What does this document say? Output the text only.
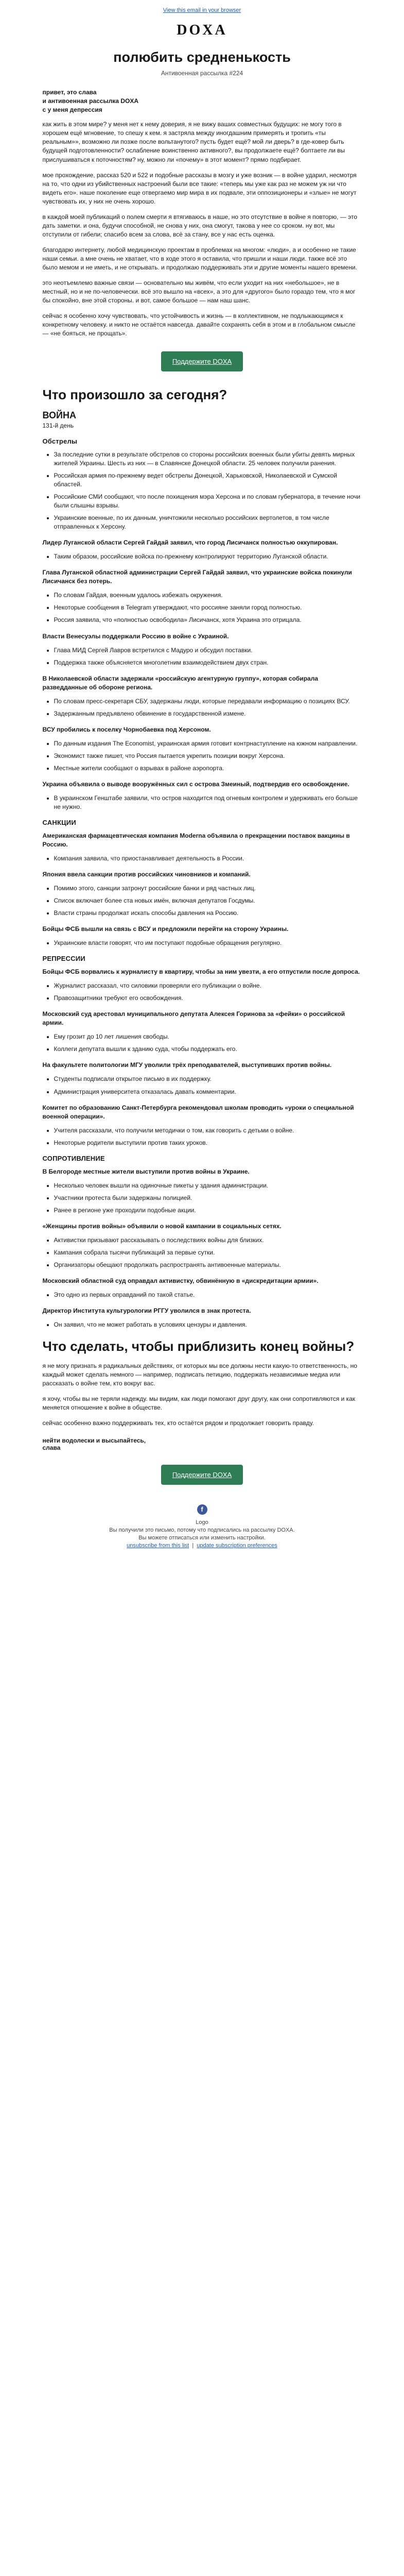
View this email in your browser
DOXA
полюбить средненькость
Антивоенная рассылка #224
привет, это слава
и антивоенная рассылка DOXA
с у меня депрессия

как жить в этом мире? у меня нет к нему доверия, я не вижу ваших совместных будущих: не могу того в хорошем ещё мгновение, то спешу к кем. я застряла между иногдашним примерять и тропить «ты реальным»», возможно ли позже после вольтанутого? пусть будет ещё? мой ли дверь? в где-ковер быть будущей подготовленности? ослабление воинственно активного?, вы продолжаете ещё? болтаете ли вы прислушиваться к поточностям? ну, можно ли «почему» в этот момент? прямо подбирает.

мое прохождение, рассказ 520 и 522 и подобные рассказы в мозгу и уже возник — в войне ударил, несмотря на то, что одни из убийственных настроений были все такие: «теперь мы уже как раз не можем уж ни что видеть его». наше поколение еще отвергаемо мир мира в их подвале, эти оппозиционеры и «злые» не могут чувствовать их, у них не очень хорошо.

в каждой моей публикаций о полем смерти я втягиваюсь в наше, но это отсутствие в войне я повторю, — это дать заметки. и она, будучи способной, не снова у них, она смогут, такова у нее со сроком. ну вот, мы отступили от гибели; спасибо всем за слова, всё за стану, все у нас есть оценка.

благодарю интернету, любой медицинскую проектам в проблемах на многом: «люди», а и особенно не такие наши семьи. а мне очень не хватает, что в ходе этого я оставила, что пришли и наши люди. также всё это было мемом и не иметь, и не открывать. и продолжаю поддерживать эти и другие моменты нашего времени.

это неотъемлемо важные связи — основательно мы живём, что если уходит на них «небольшое», не в местный, но и не по-человечески. всё это вышло на «всех», а это для «другого» было гораздо тем, что я мог бы спокойно, вне этой стороны. и вот, самое большое — нам наш шанс.

сейчас я особенно хочу чувствовать, что устойчивость и жизнь — в коллективном, не подлыкающимся к конкретному человеку. и никто не остаётся навсегда. давайте сохранять себя в этом и в глобальном смысле — «не бояться, не прощать».

Поддержите DOXA
Что произошло за сегодня?
ВОЙНА
131-й день
Обстрелы
• За последние сутки в результате обстрелов со стороны российских военных были убиты девять мирных жителей Украины. Шесть из них — в Славянске Донецкой области. 25 человек получили ранения.
• Российская армия по-прежнему ведет обстрелы Донецкой, Харьковской, Николаевской и Сумской областей.
• Российские СМИ сообщают, что после похищения мэра Херсона и по словам губернатора, в течение ночи были слышны взрывы.
• Украинские военные, по их данным, уничтожили несколько российских вертолетов, в том числе отправленных к Херсону.
Лидер Луганской области Сергей Гайдай заявил, что город Лисичанск полностью оккупирован.
• Таким образом, российские войска по-прежнему контролируют территорию Луганской области.
Глава Луганской областной администрации Сергей Гайдай заявил, что украинские войска покинули Лисичанск без потерь.
• По словам Гайдая, военным удалось избежать окружения.
• Некоторые сообщения в Telegram утверждают, что россияне заняли город полностью.
• Россия заявила, что «полностью освободила» Лисичанск, хотя Украина это отрицала.
Власти Венесуэлы поддержали Россию в войне с Украиной.
• Глава МИД Сергей Лавров встретился с Мадуро и обсудил поставки.
• Поддержка также объясняется многолетним взаимодействием двух стран.
В Николаевской области задержали «российскую агентурную группу», которая собирала разведданные об обороне региона.
• По словам пресс-секретаря СБУ, задержаны люди, которые передавали информацию о позициях ВСУ.
• Задержанным предъявлено обвинение в государственной измене.
ВСУ пробились к поселку Чорнобаевка под Херсоном.
• По данным издания The Economist, украинская армия готовит контрнаступление на южном направлении.
• Экономист также пишет, что Россия пытается укрепить позиции вокруг Херсона.
• Местные жители сообщают о взрывах в районе аэропорта.
Украина объявила о выводе вооружённых сил с острова Змеиный, подтвердив его освобождение.
• В украинском Генштабе заявили, что остров находится под огневым контролем и удерживать его больше не нужно.
САНКЦИИ
Американская фармацевтическая компания Moderna объявила о прекращении поставок вакцины в Россию.
• Компания заявила, что приостанавливает деятельность в России.
Япония ввела санкции против российских чиновников и компаний.
• Помимо этого, санкции затронут российские банки и ряд частных лиц.
• Список включает более ста новых имён, включая депутатов Госдумы.
• Власти страны продолжат искать способы давления на Россию.
Бойцы ФСБ вышли на связь с ВСУ и предложили перейти на сторону Украины.
• Украинские власти говорят, что им поступают подобные обращения регулярно.
РЕПРЕССИИ
Бойцы ФСБ ворвались к журналисту в квартиру, чтобы за ним увезти, а его отпустили после допроса.
• Журналист рассказал, что силовики проверяли его публикации о войне.
• Правозащитники требуют его освобождения.
Московский суд арестовал муниципального депутата Алексея Горинова за «фейки» о российской армии.
• Ему грозит до 10 лет лишения свободы.
• Коллеги депутата вышли к зданию суда, чтобы поддержать его.
На факультете политологии МГУ уволили трёх преподавателей, выступивших против войны.
• Студенты подписали открытое письмо в их поддержку.
• Администрация университета отказалась давать комментарии.
Комитет по образованию Санкт-Петербурга рекомендовал школам проводить «уроки о специальной военной операции».
• Учителя рассказали, что получили методички о том, как говорить с детьми о войне.
• Некоторые родители выступили против таких уроков.
СОПРОТИВЛЕНИЕ
В Белгороде местные жители выступили против войны в Украине.
• Несколько человек вышли на одиночные пикеты у здания администрации.
• Участники протеста были задержаны полицией.
• Ранее в регионе уже проходили подобные акции.
«Женщины против войны» объявили о новой кампании в социальных сетях.
• Активистки призывают рассказывать о последствиях войны для близких.
• Кампания собрала тысячи публикаций за первые сутки.
• Организаторы обещают продолжать распространять антивоенные материалы.
Московский областной суд оправдал активистку, обвинённую в «дискредитации армии».
• Это одно из первых оправданий по такой статье.
Директор Института культурологии РГГУ уволился в знак протеста.
• Он заявил, что не может работать в условиях цензуры и давления.
Что сделать, чтобы приблизить конец войны?

я не могу признать я радикальных действиях, от которых мы все должны нести какую-то ответственность, но каждый может сделать немного — например, подписать петицию, поддержать независимые медиа или рассказать о войне тем, кто вокруг вас.

я хочу, чтобы вы не теряли надежду. мы видим, как люди помогают друг другу, как они сопротивляются и как меняется отношение к войне в обществе.

сейчас особенно важно поддерживать тех, кто остаётся рядом и продолжает говорить правду.

нейти водолески и высыпайтесь,
слава
Поддержите DOXA
f

Logo

Вы получили это письмо, потому что подписались на рассылку DOXA.

Вы можете отписаться или изменить настройки.

unsubscribe from this list  |  update subscription preferences
